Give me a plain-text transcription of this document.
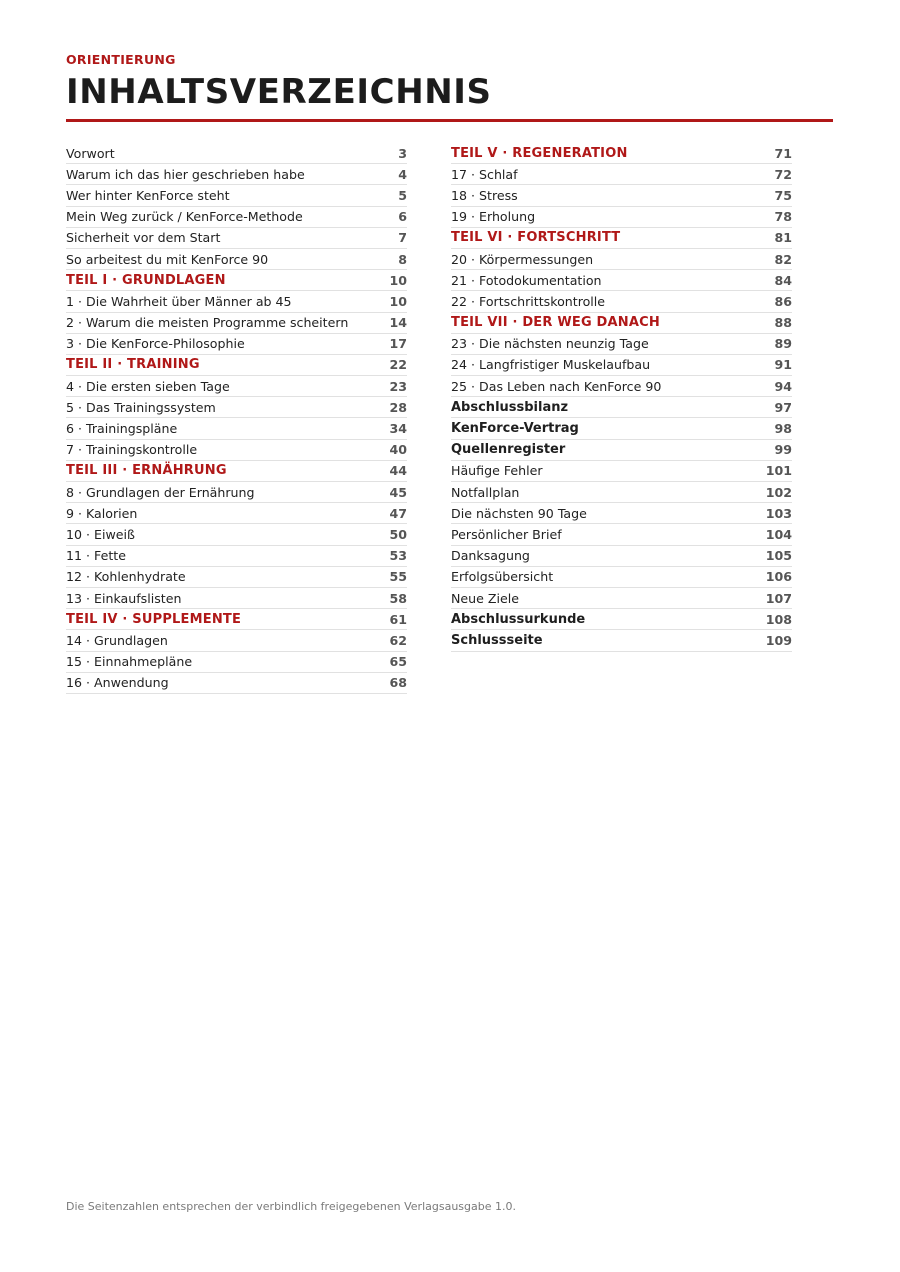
ORIENTIERUNG
INHALTSVERZEICHNIS
Vorwort	3
Warum ich das hier geschrieben habe	4
Wer hinter KenForce steht	5
Mein Weg zurück / KenForce-Methode	6
Sicherheit vor dem Start	7
So arbeitest du mit KenForce 90	8
TEIL I · GRUNDLAGEN	10
1 · Die Wahrheit über Männer ab 45	10
2 · Warum die meisten Programme scheitern	14
3 · Die KenForce-Philosophie	17
TEIL II · TRAINING	22
4 · Die ersten sieben Tage	23
5 · Das Trainingssystem	28
6 · Trainingspläne	34
7 · Trainingskontrolle	40
TEIL III · ERNÄHRUNG	44
8 · Grundlagen der Ernährung	45
9 · Kalorien	47
10 · Eiweiß	50
11 · Fette	53
12 · Kohlenhydrate	55
13 · Einkaufslisten	58
TEIL IV · SUPPLEMENTE	61
14 · Grundlagen	62
15 · Einnahmepläne	65
16 · Anwendung	68
TEIL V · REGENERATION	71
17 · Schlaf	72
18 · Stress	75
19 · Erholung	78
TEIL VI · FORTSCHRITT	81
20 · Körpermessungen	82
21 · Fotodokumentation	84
22 · Fortschrittskontrolle	86
TEIL VII · DER WEG DANACH	88
23 · Die nächsten neunzig Tage	89
24 · Langfristiger Muskelaufbau	91
25 · Das Leben nach KenForce 90	94
Abschlussbilanz	97
KenForce-Vertrag	98
Quellenregister	99
Häufige Fehler	101
Notfallplan	102
Die nächsten 90 Tage	103
Persönlicher Brief	104
Danksagung	105
Erfolgsübersicht	106
Neue Ziele	107
Abschlussurkunde	108
Schlussseite	109
Die Seitenzahlen entsprechen der verbindlich freigegebenen Verlagsausgabe 1.0.
